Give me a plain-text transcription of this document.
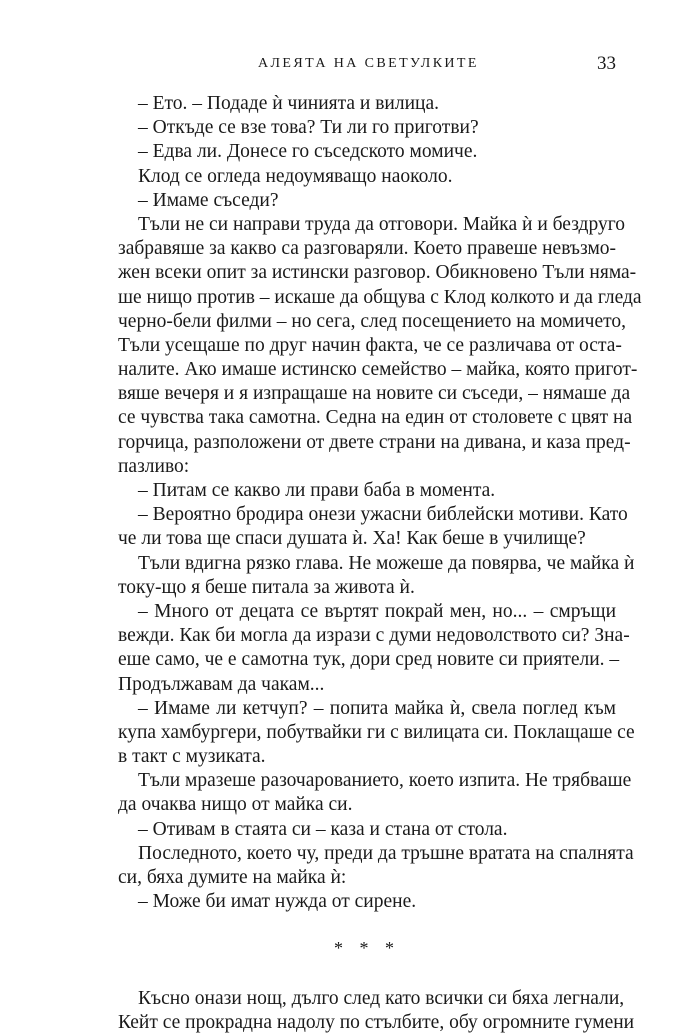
АЛЕЯТА НА СВЕТУЛКИТЕ	33
– Ето. – Подаде ѝ чинията и вилица.
– Откъде се взе това? Ти ли го приготви?
– Едва ли. Донесе го съседското момиче.
Клод се огледа недоумяващо наоколо.
– Имаме съседи?
Тъли не си направи труда да отговори. Майка ѝ и бездруго
забравяше за какво са разговаряли. Което правеше невъзмо-
жен всеки опит за истински разговор. Обикновено Тъли няма-
ше нищо против – искаше да общува с Клод колкото и да гледа
черно-бели филми – но сега, след посещението на момичето,
Тъли усещаше по друг начин факта, че се различава от оста-
налите. Ако имаше истинско семейство – майка, която пригот-
вяше вечеря и я изпращаше на новите си съседи, – нямаше да
се чувства така самотна. Седна на един от столовете с цвят на
горчица, разположени от двете страни на дивана, и каза пред-
пазливо:
– Питам се какво ли прави баба в момента.
– Вероятно бродира онези ужасни библейски мотиви. Като
че ли това ще спаси душата ѝ. Ха! Как беше в училище?
Тъли вдигна рязко глава. Не можеше да повярва, че майка ѝ
току-що я беше питала за живота ѝ.
– Много от децата се въртят покрай мен, но... – смръщи
вежди. Как би могла да изрази с думи недоволството си? Зна-
еше само, че е самотна тук, дори сред новите си приятели. –
Продължавам да чакам...
– Имаме ли кетчуп? – попита майка ѝ, свела поглед към
купа хамбургери, побутвайки ги с вилицата си. Поклащаше се
в такт с музиката.
Тъли мразеше разочарованието, което изпита. Не трябваше
да очаква нищо от майка си.
– Отивам в стаята си – каза и стана от стола.
Последното, което чу, преди да тръшне вратата на спалнята
си, бяха думите на майка ѝ:
– Може би имат нужда от сирене.
* * *
Късно онази нощ, дълго след като всички си бяха легнали,
Кейт се прокрадна надолу по стълбите, обу огромните гумени
